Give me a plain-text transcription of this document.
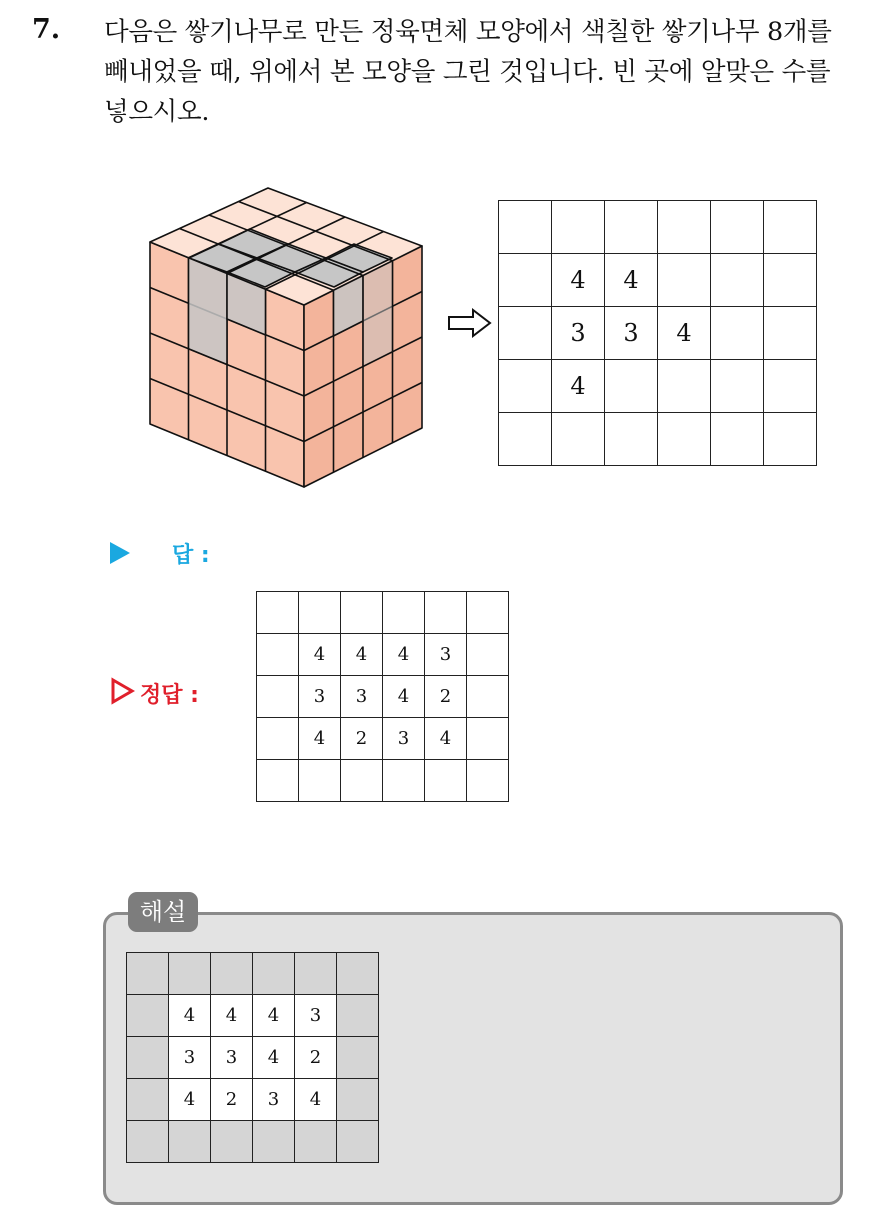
7. 다음은 쌓기나무로 만든 정육면체 모양에서 색칠한 쌓기나무 8개를
빼내었을 때, 위에서 본 모양을 그린 것입니다. 빈 곳에 알맞은 수를
넣으시오.

	4	4			
	3	3	4		
	4				

답 :
정답 :

	4	4	4	3	
	3	3	4	2	
	4	2	3	4	

해설

	4	4	4	3	
	3	3	4	2	
	4	2	3	4	
